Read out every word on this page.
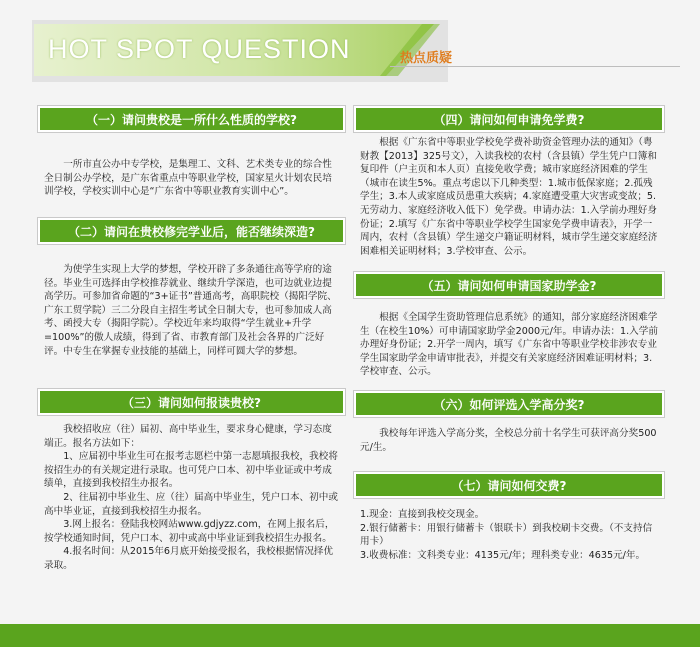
HOT SPOT QUESTION	热点质疑
（一）请问贵校是一所什么性质的学校?

一所市直公办中专学校，是集理工、文科、艺术类专业的综合性全日制公办学校，是广东省重点中等职业学校，国家星火计划农民培训学校，学校实训中心是“广东省中等职业教育实训中心”。

（二）请问在贵校修完学业后，能否继续深造?

为使学生实现上大学的梦想，学校开辟了多条通往高等学府的途径。毕业生可选择由学校推荐就业、继续升学深造，也可边就业边提高学历。可参加省命题的“3+证书”普通高考，高职院校（揭阳学院、广东工贸学院）三二分段自主招生考试全日制大专，也可参加成人高考、函授大专（揭阳学院）。学校近年来均取得“学生就业+升学=100%”的傲人成绩，得到了省、市教育部门及社会各界的广泛好评。中专生在掌握专业技能的基础上，同样可圆大学的梦想。

（三）请问如何报读贵校?

我校招收应（往）届初、高中毕业生，要求身心健康，学习态度端正。报名方法如下：

1、应届初中毕业生可在报考志愿栏中第一志愿填报我校，我校将按招生办的有关规定进行录取。也可凭户口本、初中毕业证或中考成绩单，直接到我校招生办报名。

2、往届初中毕业生、应（往）届高中毕业生，凭户口本、初中或高中毕业证，直接到我校招生办报名。

3.网上报名：登陆我校网站www.gdjyzz.com，在网上报名后，按学校通知时间，凭户口本、初中或高中毕业证到我校招生办报名。

4.报名时间：从2015年6月底开始接受报名，我校根据情况择优录取。

（四）请问如何申请免学费?

根据《广东省中等职业学校免学费补助资金管理办法的通知》（粤财教【2013】325号文），入读我校的农村（含县镇）学生凭户口簿和复印件（户主页和本人页）直接免收学费；城市家庭经济困难的学生（城市在读生5%。重点考虑以下几种类型：1.城市低保家庭；2.孤残学生；3.本人或家庭成员患重大疾病；4.家庭遭受重大灾害或变故；5.无劳动力、家庭经济收入低下）免学费。申请办法：1.入学前办理好身份证；2.填写《广东省中等职业学校学生国家免学费申请表》，开学一周内，农村（含县镇）学生递交户籍证明材料，城市学生递交家庭经济困难相关证明材料；3.学校审查、公示。

（五）请问如何申请国家助学金?

根据《全国学生资助管理信息系统》的通知，部分家庭经济困难学生（在校生10%）可申请国家助学金2000元/年。申请办法：1.入学前办理好身份证；2.开学一周内，填写《广东省中等职业学校非涉农专业学生国家助学金申请审批表》，并提交有关家庭经济困难证明材料；3.学校审查、公示。

（六）如何评选入学高分奖?

我校每年评选入学高分奖，全校总分前十名学生可获评高分奖500元/生。

（七）请问如何交费?

1.现金：直接到我校交现金。

2.银行储蓄卡：用银行储蓄卡（银联卡）到我校刷卡交费。（不支持信用卡）

3.收费标准：文科类专业：4135元/年；理科类专业：4635元/年。
